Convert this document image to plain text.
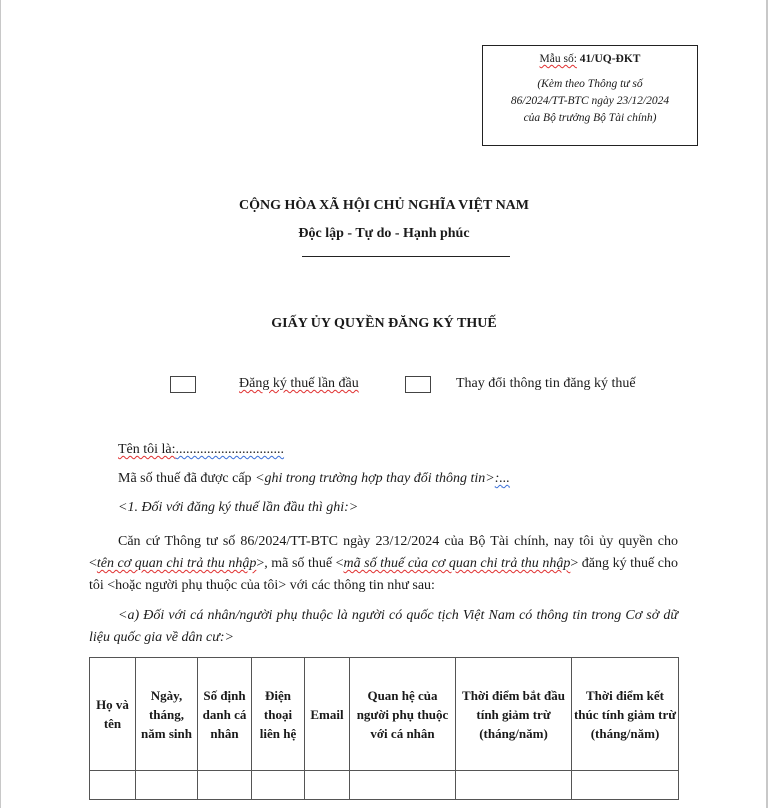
Mẫu số: 41/UQ-ĐKT
(Kèm theo Thông tư số
86/2024/TT-BTC ngày 23/12/2024
của Bộ trưởng Bộ Tài chính)
CỘNG HÒA XÃ HỘI CHỦ NGHĨA VIỆT NAM
Độc lập - Tự do - Hạnh phúc
GIẤY ỦY QUYỀN ĐĂNG KÝ THUẾ
Đăng ký thuế lần đầu	Thay đổi thông tin đăng ký thuế
Tên tôi là:...............................
Mã số thuế đã được cấp <ghi trong trường hợp thay đổi thông tin>:...
<1. Đối với đăng ký thuế lần đầu thì ghi:>
Căn cứ Thông tư số 86/2024/TT-BTC ngày 23/12/2024 của Bộ Tài chính, nay tôi ủy quyền cho <tên cơ quan chi trả thu nhập>, mã số thuế <mã số thuế của cơ quan chi trả thu nhập> đăng ký thuế cho tôi <hoặc người phụ thuộc của tôi> với các thông tin như sau:
<a) Đối với cá nhân/người phụ thuộc là người có quốc tịch Việt Nam có thông tin trong Cơ sở dữ liệu quốc gia về dân cư:>
Họ và tên	Ngày, tháng, năm sinh	Số định danh cá nhân	Điện thoại liên hệ	Email	Quan hệ của người phụ thuộc với cá nhân	Thời điểm bắt đầu tính giảm trừ (tháng/năm)	Thời điểm kết thúc tính giảm trừ (tháng/năm)
